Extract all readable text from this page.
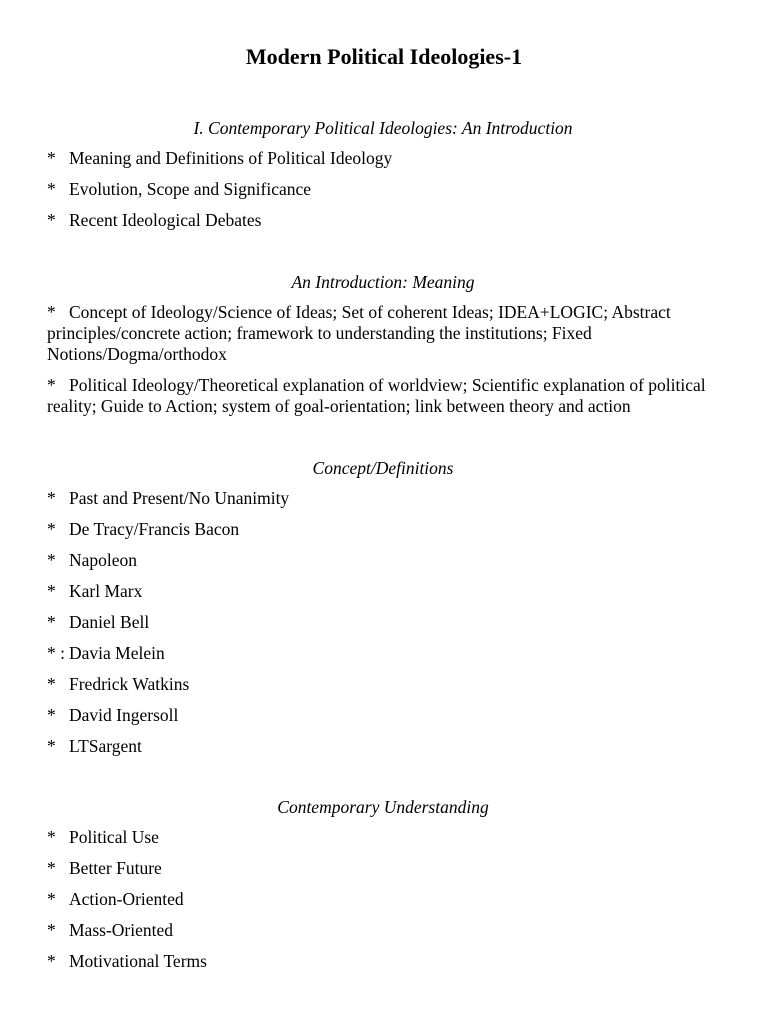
Modern Political Ideologies-1

I. Contemporary Political Ideologies: An Introduction

* Meaning and Definitions of Political Ideology
* Evolution, Scope and Significance
* Recent Ideological Debates

An Introduction: Meaning

* Concept of Ideology/Science of Ideas; Set of coherent Ideas; IDEA+LOGIC; Abstract principles/concrete action; framework to understanding the institutions; Fixed Notions/Dogma/orthodox
* Political Ideology/Theoretical explanation of worldview; Scientific explanation of political reality; Guide to Action; system of goal-orientation; link between theory and action

Concept/Definitions

* Past and Present/No Unanimity
* De Tracy/Francis Bacon
* Napoleon
* Karl Marx
* Daniel Bell
* : Davia Melein
* Fredrick Watkins
* David Ingersoll
* LTSargent

Contemporary Understanding

* Political Use
* Better Future
* Action-Oriented
* Mass-Oriented
* Motivational Terms
